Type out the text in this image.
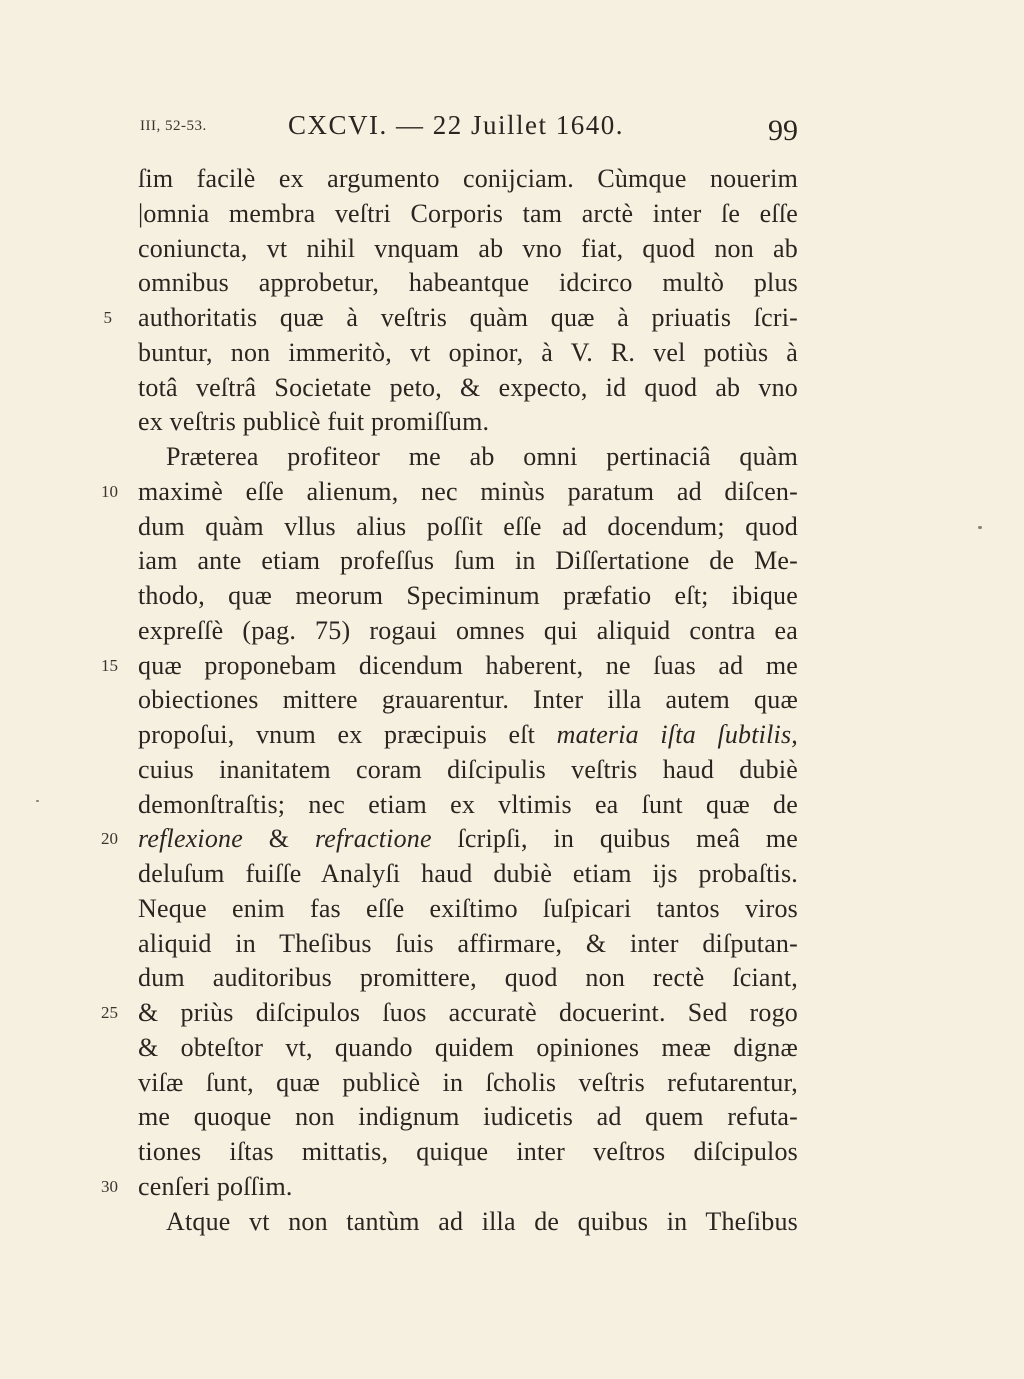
III, 52-53.	CXCVI. — 22 Juillet 1640.	99
ſim facilè ex argumento conijciam. Cùmque nouerim
|omnia membra veſtri Corporis tam arctè inter ſe eſſe
coniuncta, vt nihil vnquam ab vno fiat, quod non ab
omnibus approbetur, habeantque idcirco multò plus
5 authoritatis quæ à veſtris quàm quæ à priuatis ſcri-
buntur, non immeritò, vt opinor, à V. R. vel potiùs à
totâ veſtrâ Societate peto, & expecto, id quod ab vno
ex veſtris publicè fuit promiſſum.
Præterea profiteor me ab omni pertinaciâ quàm
10 maximè eſſe alienum, nec minùs paratum ad diſcen-
dum quàm vllus alius poſſit eſſe ad docendum; quod
iam ante etiam profeſſus ſum in Diſſertatione de Me-
thodo, quæ meorum Speciminum præfatio eſt; ibique
expreſſè (pag. 75) rogaui omnes qui aliquid contra ea
15 quæ proponebam dicendum haberent, ne ſuas ad me
obiectiones mittere grauarentur. Inter illa autem quæ
propoſui, vnum ex præcipuis eſt materia iſta ſubtilis,
cuius inanitatem coram diſcipulis veſtris haud dubiè
demonſtraſtis; nec etiam ex vltimis ea ſunt quæ de
20 reflexione & refractione ſcripſi, in quibus meâ me
deluſum fuiſſe Analyſi haud dubiè etiam ijs probaſtis.
Neque enim fas eſſe exiſtimo ſuſpicari tantos viros
aliquid in Theſibus ſuis affirmare, & inter diſputan-
dum auditoribus promittere, quod non rectè ſciant,
25 & priùs diſcipulos ſuos accuratè docuerint. Sed rogo
& obteſtor vt, quando quidem opiniones meæ dignæ
viſæ ſunt, quæ publicè in ſcholis veſtris refutarentur,
me quoque non indignum iudicetis ad quem refuta-
tiones iſtas mittatis, quique inter veſtros diſcipulos
30 cenſeri poſſim.
Atque vt non tantùm ad illa de quibus in Theſibus
